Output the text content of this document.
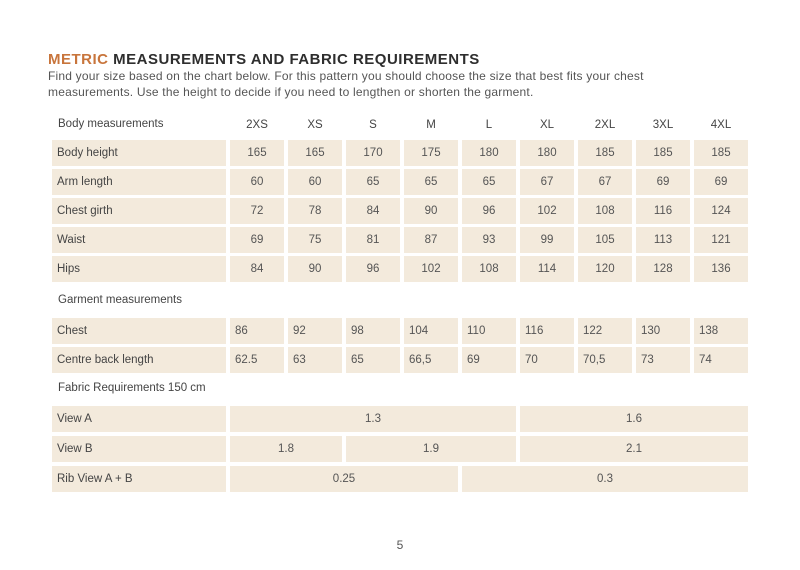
METRIC MEASUREMENTS AND FABRIC REQUIREMENTS
Find your size based on the chart below. For this pattern you should choose the size that best fits your chest
measurements. Use the height to decide if you need to lengthen or shorten the garment.
Body measurements	2XS	XS	S	M	L	XL	2XL	3XL	4XL
Body height	165	165	170	175	180	180	185	185	185
Arm length	60	60	65	65	65	67	67	69	69
Chest girth	72	78	84	90	96	102	108	116	124
Waist	69	75	81	87	93	99	105	113	121
Hips	84	90	96	102	108	114	120	128	136
Garment measurements
Chest	86	92	98	104	110	116	122	130	138
Centre back length	62.5	63	65	66,5	69	70	70,5	73	74
Fabric Requirements 150 cm
View A	1.3	1.6
View B	1.8	1.9	2.1
Rib View A + B	0.25	0.3
5
